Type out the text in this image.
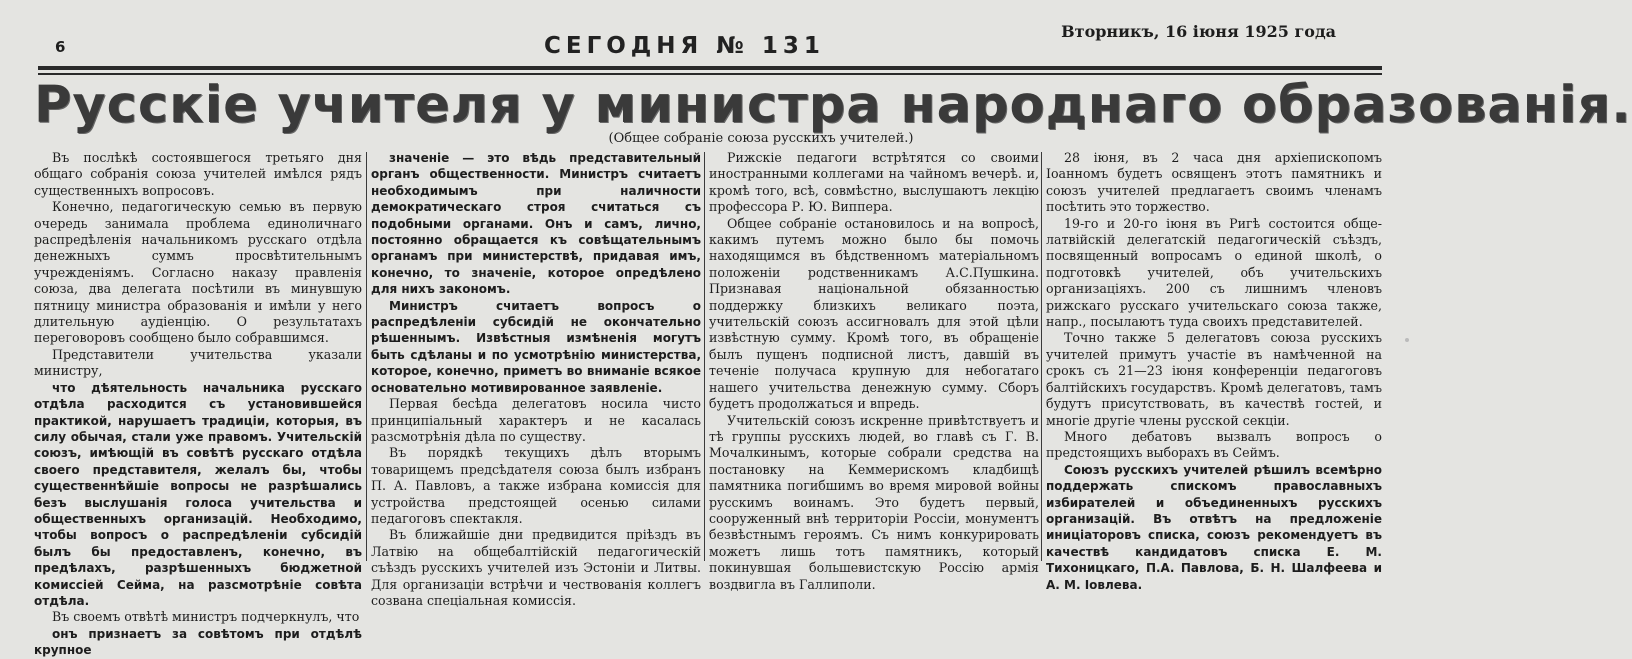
6	СЕГОДНЯ № 131
Вторникъ, 16 іюня 1925 года
Русскіе учителя у министра народнаго образованія.
(Общее собраніе союза русскихъ учителей.)

Въ послѣкѣ состоявшегося третьяго дня общаго собранія союза учителей имѣлся рядъ существенныхъ вопросовъ.

Конечно, педагогическую семью въ первую очередь занимала проблема единоличнаго распредѣленія начальникомъ русскаго отдѣла денежныхъ суммъ просвѣтительнымъ учрежденіямъ. Согласно наказу правленія союза, два делегата посѣтили въ минувшую пятницу министра образованія и имѣли у него длительную аудіенцію. О результатахъ переговоровъ сообщено было собравшимся.

Представители учительства указали министру,

что дѣятельность начальника русскаго отдѣла расходится съ установившейся практикой, нарушаетъ традиціи, которыя, въ силу обычая, стали уже правомъ. Учительскій союзъ, имѣющій въ совѣтѣ русскаго отдѣла своего представителя, желалъ бы, чтобы существеннѣйшіе вопросы не разрѣшались безъ выслушанія голоса учительства и общественныхъ организацій. Необходимо, чтобы вопросъ о распредѣленіи субсидій былъ бы предоставленъ, конечно, въ предѣлахъ, разрѣшенныхъ бюджетной комиссіей Сейма, на разсмотрѣніе совѣта отдѣла.

Въ своемъ отвѣтѣ министръ подчеркнулъ, что

онъ признаетъ за совѣтомъ при отдѣлѣ крупное

значеніе — это вѣдь представительный органъ общественности. Министръ считаетъ необходимымъ при наличности демократическаго строя считаться съ подобными органами. Онъ и самъ, лично, постоянно обращается къ совѣщательнымъ органамъ при министерствѣ, придавая имъ, конечно, то значеніе, которое опредѣлено для нихъ закономъ.

Министръ считаетъ вопросъ о распредѣленіи субсидій не окончательно рѣшеннымъ. Извѣстныя измѣненія могутъ быть сдѣланы и по усмотрѣнію министерства, которое, конечно, приметъ во вниманіе всякое основательно мотивированное заявленіе.

Первая бесѣда делегатовъ носила чисто принципіальный характеръ и не касалась разсмотрѣнія дѣла по существу.

Въ порядкѣ текущихъ дѣлъ вторымъ товарищемъ предсѣдателя союза былъ избранъ П. А. Павловъ, а также избрана комиссія для устройства предстоящей осенью силами педагоговъ спектакля.

Въ ближайшіе дни предвидится пріѣздъ въ Латвію на общебалтійскій педагогическій съѣздъ русскихъ учителей изъ Эстоніи и Литвы. Для организаціи встрѣчи и чествованія коллегъ созвана спеціальная комиссія.

Рижскіе педагоги встрѣтятся со своими иностранными коллегами на чайномъ вечерѣ. и, кромѣ того, всѣ, совмѣстно, выслушаютъ лекцію профессора Р. Ю. Виппера.

Общее собраніе остановилось и на вопросѣ, какимъ путемъ можно было бы помочь находящимся въ бѣдственномъ матеріальномъ положеніи родственникамъ А.С.Пушкина. Признавая національной обязанностью поддержку близкихъ великаго поэта, учительскій союзъ ассигновалъ для этой цѣли извѣстную сумму. Кромѣ того, въ обращеніе былъ пущенъ подписной листъ, давшій въ теченіе получаса крупную для небогатаго нашего учительства денежную сумму. Сборъ будетъ продолжаться и впредь.

Учительскій союзъ искренне привѣтствуетъ и тѣ группы русскихъ людей, во главѣ съ Г. В. Мочалкинымъ, которые собрали средства на постановку на Кеммерискомъ кладбищѣ памятника погибшимъ во время мировой войны русскимъ воинамъ. Это будетъ первый, сооруженный внѣ территоріи Россіи, монументъ безвѣстнымъ героямъ. Съ нимъ конкурировать можетъ лишь тотъ памятникъ, который покинувшая большевистскую Россію армія воздвигла въ Галлиполи.

28 іюня, въ 2 часа дня архіепископомъ Іоанномъ будетъ освященъ этотъ памятникъ и союзъ учителей предлагаетъ своимъ членамъ посѣтить это торжество.

19-го и 20-го іюня въ Ригѣ состоится обще-латвійскій делегатскій педагогическій съѣздъ, посвященный вопросамъ о единой школѣ, о подготовкѣ учителей, объ учительскихъ организаціяхъ. 200 съ лишнимъ членовъ рижскаго русскаго учительскаго союза также, напр., посылаютъ туда своихъ представителей.

Точно также 5 делегатовъ союза русскихъ учителей примутъ участіе въ намѣченной на срокъ съ 21—23 іюня конференціи педагоговъ балтійскихъ государствъ. Кромѣ делегатовъ, тамъ будутъ присутствовать, въ качествѣ гостей, и многіе другіе члены русской секціи.

Много дебатовъ вызвалъ вопросъ о предстоящихъ выборахъ въ Сеймъ.

Союзъ русскихъ учителей рѣшилъ всемѣрно поддержать спискомъ православныхъ избирателей и объединенныхъ русскихъ организацій. Въ отвѣтъ на предложеніе иниціаторовъ списка, союзъ рекомендуетъ въ качествѣ кандидатовъ списка Е. М. Тихоницкаго, П.А. Павлова, Б. Н. Шалфеева и А. М. Іовлева.
